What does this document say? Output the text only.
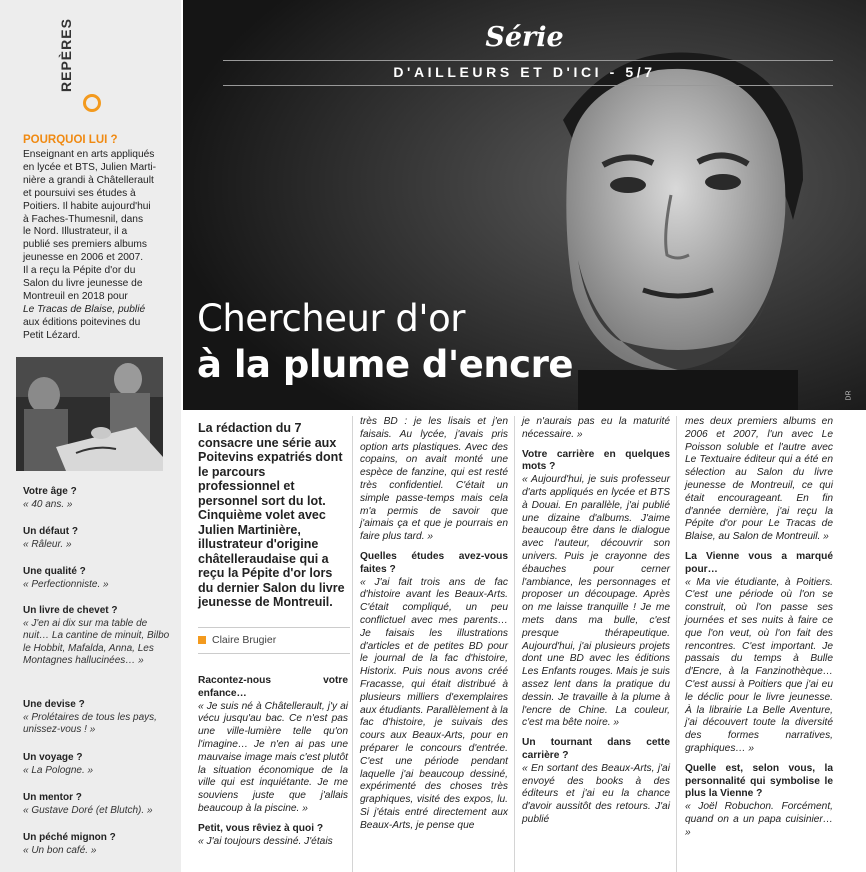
REPÈRES
POURQUOI LUI ?
Enseignant en arts appliqués
en lycée et BTS, Julien Marti-
nière a grandi à Châtellerault
et poursuivi ses études à
Poitiers. Il habite aujourd'hui
à Faches-Thumesnil, dans
le Nord. Illustrateur, il a
publié ses premiers albums
jeunesse en 2006 et 2007.
Il a reçu la Pépite d'or du
Salon du livre jeunesse de
Montreuil en 2018 pour
Le Tracas de Blaise, publié
aux éditions poitevines du
Petit Lézard.
Votre âge ?
« 40 ans. »
Un défaut ?
« Râleur. »
Une qualité ?
« Perfectionniste. »
Un livre de chevet ?
« J'en ai dix sur ma table de nuit… La cantine de minuit, Bilbo le Hobbit, Mafalda, Anna, Les Montagnes hallucinées… »
Une devise ?
« Prolétaires de tous les pays, unissez-vous ! »
Un voyage ?
« La Pologne. »
Un mentor ?
« Gustave Doré (et Blutch). »
Un péché mignon ?
« Un bon café. »
Série
D'AILLEURS ET D'ICI - 5/7
Chercheur d'or
à la plume d'encre
DR
La rédaction du 7 consacre une série aux Poitevins expatriés dont le parcours professionnel et personnel sort du lot. Cinquième volet avec Julien Martinière, illustrateur d'origine châtelleraudaise qui a reçu la Pépite d'or lors du dernier Salon du livre jeunesse de Montreuil.
Claire Brugier

Racontez-nous votre enfance…

« Je suis né à Châtellerault, j'y ai vécu jusqu'au bac. Ce n'est pas une ville-lumière telle qu'on l'imagine… Je n'en ai pas une mauvaise image mais c'est plutôt la situation économique de la ville qui est inquiétante. Je me souviens juste que j'allais beaucoup à la piscine. »

Petit, vous rêviez à quoi ?

« J'ai toujours dessiné. J'étais

très BD : je les lisais et j'en faisais. Au lycée, j'avais pris option arts plastiques. Avec des copains, on avait monté une espèce de fanzine, qui est resté très confidentiel. C'était un simple passe-temps mais cela m'a permis de savoir que j'aimais ça et que je pourrais en faire plus tard. »

Quelles études avez-vous faites ?

« J'ai fait trois ans de fac d'histoire avant les Beaux-Arts. C'était compliqué, un peu conflictuel avec mes parents… Je faisais les illustrations d'articles et de petites BD pour le journal de la fac d'histoire, Historix. Puis nous avons créé Fracasse, qui était distribué à plusieurs milliers d'exemplaires aux étudiants. Parallèlement à la fac d'histoire, je suivais des cours aux Beaux-Arts, pour en préparer le concours d'entrée. C'est une période pendant laquelle j'ai beaucoup dessiné, expérimenté des choses très graphiques, visité des expos, lu. Si j'étais entré directement aux Beaux-Arts, je pense que

je n'aurais pas eu la maturité nécessaire. »

Votre carrière en quelques mots ?

« Aujourd'hui, je suis professeur d'arts appliqués en lycée et BTS à Douai. En parallèle, j'ai publié une dizaine d'albums. J'aime beaucoup être dans le dialogue avec l'auteur, découvrir son univers. Puis je crayonne des ébauches pour cerner l'ambiance, les personnages et proposer un découpage. Après on me laisse tranquille ! Je me mets dans ma bulle, c'est presque thérapeutique. Aujourd'hui, j'ai plusieurs projets dont une BD avec les éditions Les Enfants rouges. Mais je suis assez lent dans la pratique du dessin. Je travaille à la plume à l'encre de Chine. La couleur, c'est ma bête noire. »

Un tournant dans cette carrière ?

« En sortant des Beaux-Arts, j'ai envoyé des books à des éditeurs et j'ai eu la chance d'avoir aussitôt des retours. J'ai publié

mes deux premiers albums en 2006 et 2007, l'un avec Le Poisson soluble et l'autre avec Le Textuaire éditeur qui a été en sélection au Salon du livre jeunesse de Montreuil, ce qui était encourageant. En fin d'année dernière, j'ai reçu la Pépite d'or pour Le Tracas de Blaise, au Salon de Montreuil. »

La Vienne vous a marqué pour…

« Ma vie étudiante, à Poitiers. C'est une période où l'on se construit, où l'on passe ses journées et ses nuits à faire ce que l'on veut, où l'on fait des rencontres. C'est important. Je passais du temps à Bulle d'Encre, à la Fanzinothèque… C'est aussi à Poitiers que j'ai eu le déclic pour le livre jeunesse. À la librairie La Belle Aventure, j'ai découvert toute la diversité des formes narratives, graphiques… »

Quelle est, selon vous, la personnalité qui symbolise le plus la Vienne ?

« Joël Robuchon. Forcément, quand on a un papa cuisinier… »
